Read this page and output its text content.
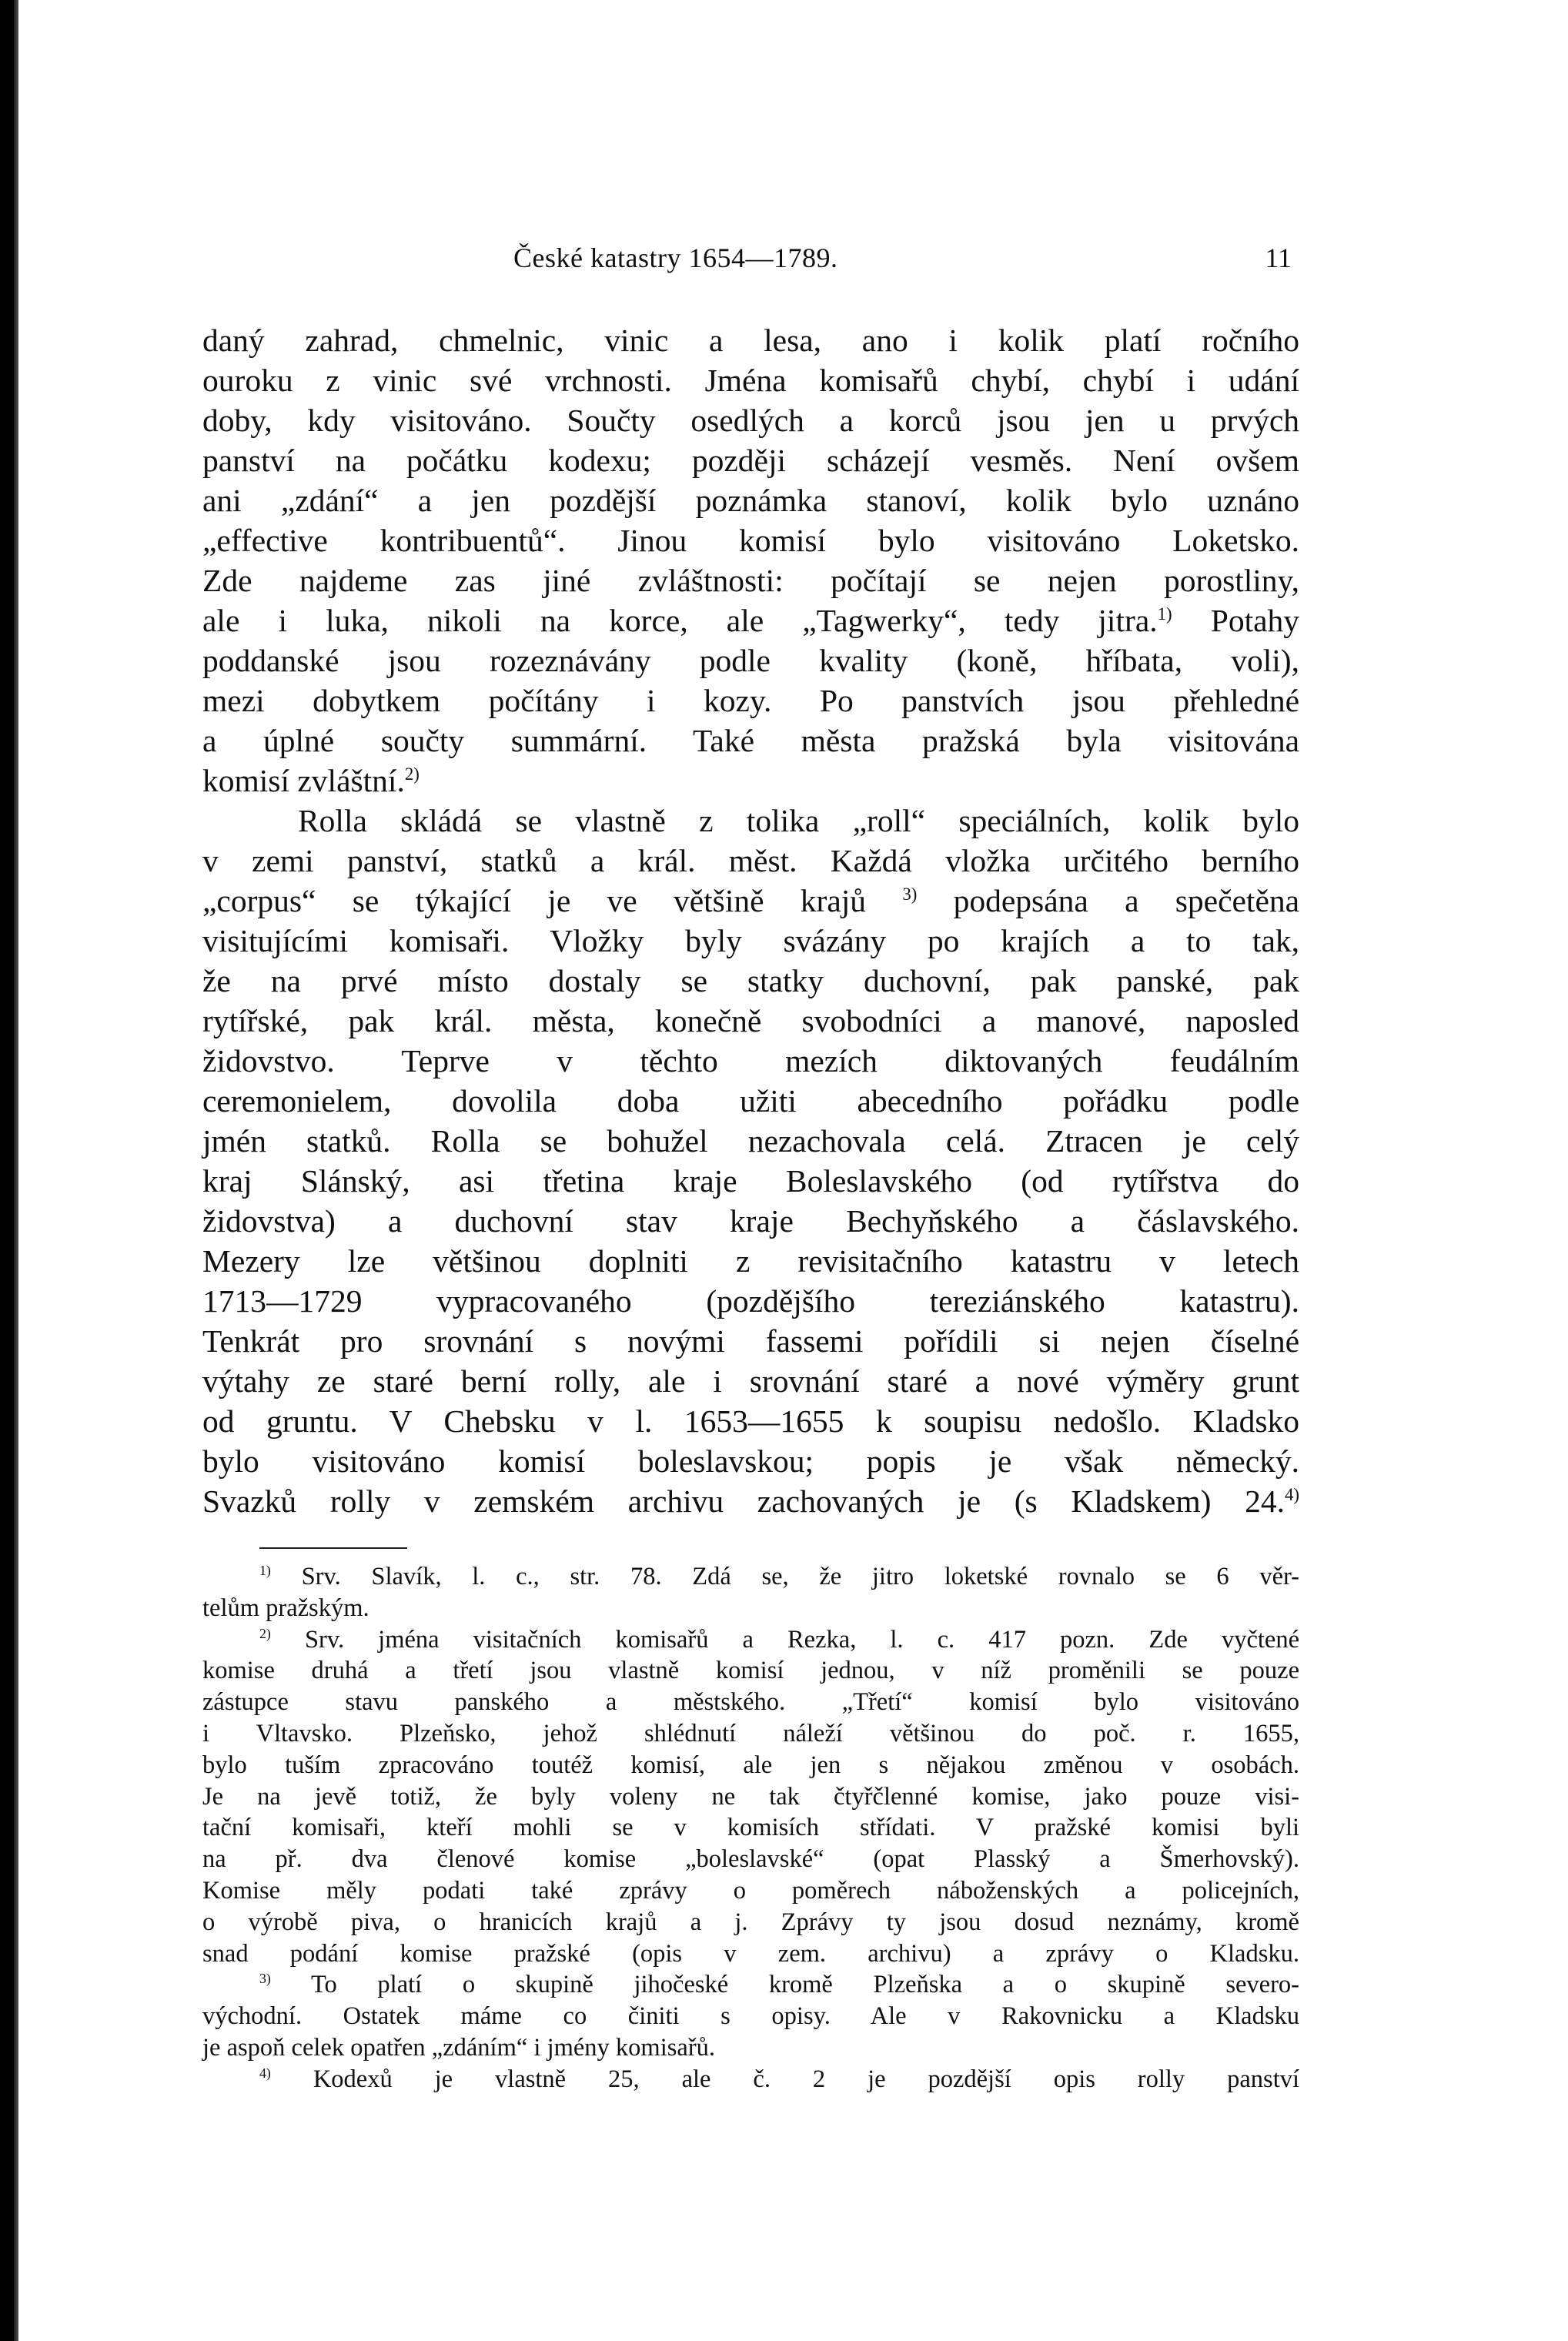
České katastry 1654—1789.	11
daný zahrad, chmelnic, vinic a lesa, ano i kolik platí ročního
ouroku z vinic své vrchnosti. Jména komisařů chybí, chybí i udání
doby, kdy visitováno. Součty osedlých a korců jsou jen u prvých
panství na počátku kodexu; později scházejí vesměs. Není ovšem
ani „zdání“ a jen pozdější poznámka stanoví, kolik bylo uznáno
„effective kontribuentů“. Jinou komisí bylo visitováno Loketsko.
Zde najdeme zas jiné zvláštnosti: počítají se nejen porostliny,
ale i luka, nikoli na korce, ale „Tagwerky“, tedy jitra.$^{1)}$ Potahy
poddanské jsou rozeznávány podle kvality (koně, hříbata, voli),
mezi dobytkem počítány i kozy. Po panstvích jsou přehledné
a úplné součty summární. Také města pražská byla visitována
komisí zvláštní.$^{2)}$
Rolla skládá se vlastně z tolika „roll“ speciálních, kolik bylo
v zemi panství, statků a král. měst. Každá vložka určitého berního
„corpus“ se týkající je ve většině krajů $^{3)}$ podepsána a spečetěna
visitujícími komisaři. Vložky byly svázány po krajích a to tak,
že na prvé místo dostaly se statky duchovní, pak panské, pak
rytířské, pak král. města, konečně svobodníci a manové, naposled
židovstvo. Teprve v těchto mezích diktovaných feudálním
ceremonielem, dovolila doba užiti abecedního pořádku podle
jmén statků. Rolla se bohužel nezachovala celá. Ztracen je celý
kraj Slánský, asi třetina kraje Boleslavského (od rytířstva do
židovstva) a duchovní stav kraje Bechyňského a čáslavského.
Mezery lze většinou doplniti z revisitačního katastru v letech
1713—1729 vypracovaného (pozdějšího tereziánského katastru).
Tenkrát pro srovnání s novými fassemi pořídili si nejen číselné
výtahy ze staré berní rolly, ale i srovnání staré a nové výměry grunt
od gruntu. V Chebsku v l. 1653—1655 k soupisu nedošlo. Kladsko
bylo visitováno komisí boleslavskou; popis je však německý.
Svazků rolly v zemském archivu zachovaných je (s Kladskem) 24.$^{4)}$
$^{1)}$ Srv. Slavík, l. c., str. 78. Zdá se, že jitro loketské rovnalo se 6 věr-
telům pražským.
$^{2)}$ Srv. jména visitačních komisařů a Rezka, l. c. 417 pozn. Zde vyčtené
komise druhá a třetí jsou vlastně komisí jednou, v níž proměnili se pouze
zástupce stavu panského a městského. „Třetí“ komisí bylo visitováno
i Vltavsko. Plzeňsko, jehož shlédnutí náleží většinou do poč. r. 1655,
bylo tuším zpracováno toutéž komisí, ale jen s nějakou změnou v osobách.
Je na jevě totiž, že byly voleny ne tak čtyřčlenné komise, jako pouze visi-
tační komisaři, kteří mohli se v komisích střídati. V pražské komisi byli
na př. dva členové komise „boleslavské“ (opat Plasský a Šmerhovský).
Komise měly podati také zprávy o poměrech náboženských a policejních,
o výrobě piva, o hranicích krajů a j. Zprávy ty jsou dosud neznámy, kromě
snad podání komise pražské (opis v zem. archivu) a zprávy o Kladsku.
$^{3)}$ To platí o skupině jihočeské kromě Plzeňska a o skupině severo-
východní. Ostatek máme co činiti s opisy. Ale v Rakovnicku a Kladsku
je aspoň celek opatřen „zdáním“ i jmény komisařů.
$^{4)}$ Kodexů je vlastně 25, ale č. 2 je pozdější opis rolly panství
